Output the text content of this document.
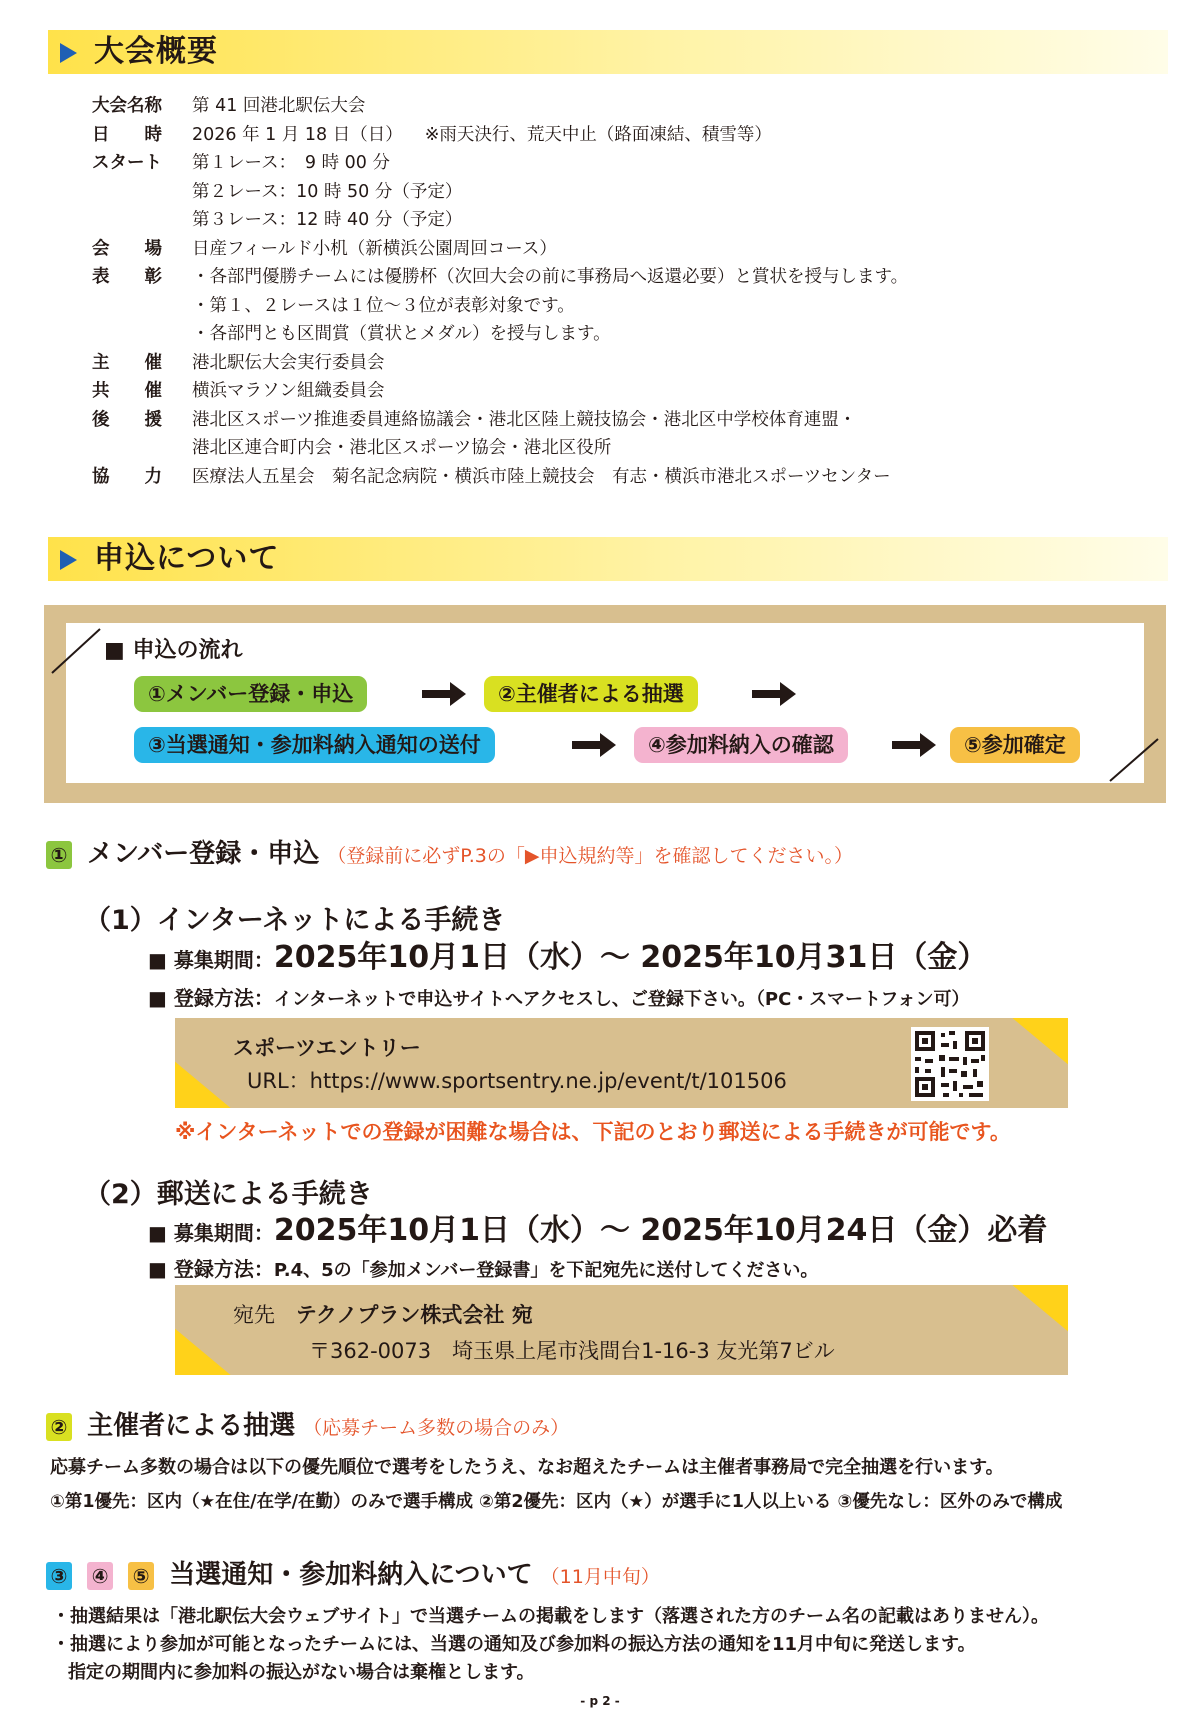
大会概要
大会名称	第 41 回港北駅伝大会
日　　時	2026 年 1 月 18 日（日） ※雨天決行、荒天中止（路面凍結、積雪等）
スタート	第１レース：　9 時 00 分
第２レース：10 時 50 分（予定）
第３レース：12 時 40 分（予定）
会　　場	日産フィールド小机（新横浜公園周回コース）
表　　彰	・各部門優勝チームには優勝杯（次回大会の前に事務局へ返還必要）と賞状を授与します。
・第１、２レースは１位～３位が表彰対象です。
・各部門とも区間賞（賞状とメダル）を授与します。
主　　催	港北駅伝大会実行委員会
共　　催	横浜マラソン組織委員会
後　　援	港北区スポーツ推進委員連絡協議会・港北区陸上競技協会・港北区中学校体育連盟・
港北区連合町内会・港北区スポーツ協会・港北区役所
協　　力	医療法人五星会　菊名記念病院・横浜市陸上競技会　有志・横浜市港北スポーツセンター
申込について
■ 申込の流れ
①メンバー登録・申込	②主催者による抽選
③当選通知・参加料納入通知の送付	④参加料納入の確認	⑤参加確定
① メンバー登録・申込 （登録前に必ずP.3の「▶申込規約等」を確認してください。）
（1）インターネットによる手続き
■ 募集期間：2025年10月1日（水）～ 2025年10月31日（金）
■ 登録方法：インターネットで申込サイトへアクセスし、ご登録下さい。（PC・スマートフォン可）
スポーツエントリー
URL：https://www.sportsentry.ne.jp/event/t/101506
※インターネットでの登録が困難な場合は、下記のとおり郵送による手続きが可能です。
（2）郵送による手続き
■ 募集期間：2025年10月1日（水）～ 2025年10月24日（金）必着
■ 登録方法：P.4、5の「参加メンバー登録書」を下記宛先に送付してください。
宛先 テクノプラン株式会社 宛
〒362-0073　埼玉県上尾市浅間台1-16-3 友光第7ビル
② 主催者による抽選 （応募チーム多数の場合のみ）
応募チーム多数の場合は以下の優先順位で選考をしたうえ、なお超えたチームは主催者事務局で完全抽選を行います。
①第1優先：区内（★在住/在学/在勤）のみで選手構成 ②第2優先：区内（★）が選手に1人以上いる ③優先なし：区外のみで構成
③ ④ ⑤ 当選通知・参加料納入について （11月中旬）
・抽選結果は「港北駅伝大会ウェブサイト」で当選チームの掲載をします（落選された方のチーム名の記載はありません）。
・抽選により参加が可能となったチームには、当選の通知及び参加料の振込方法の通知を11月中旬に発送します。
指定の期間内に参加料の振込がない場合は棄権とします。
- p 2 -
